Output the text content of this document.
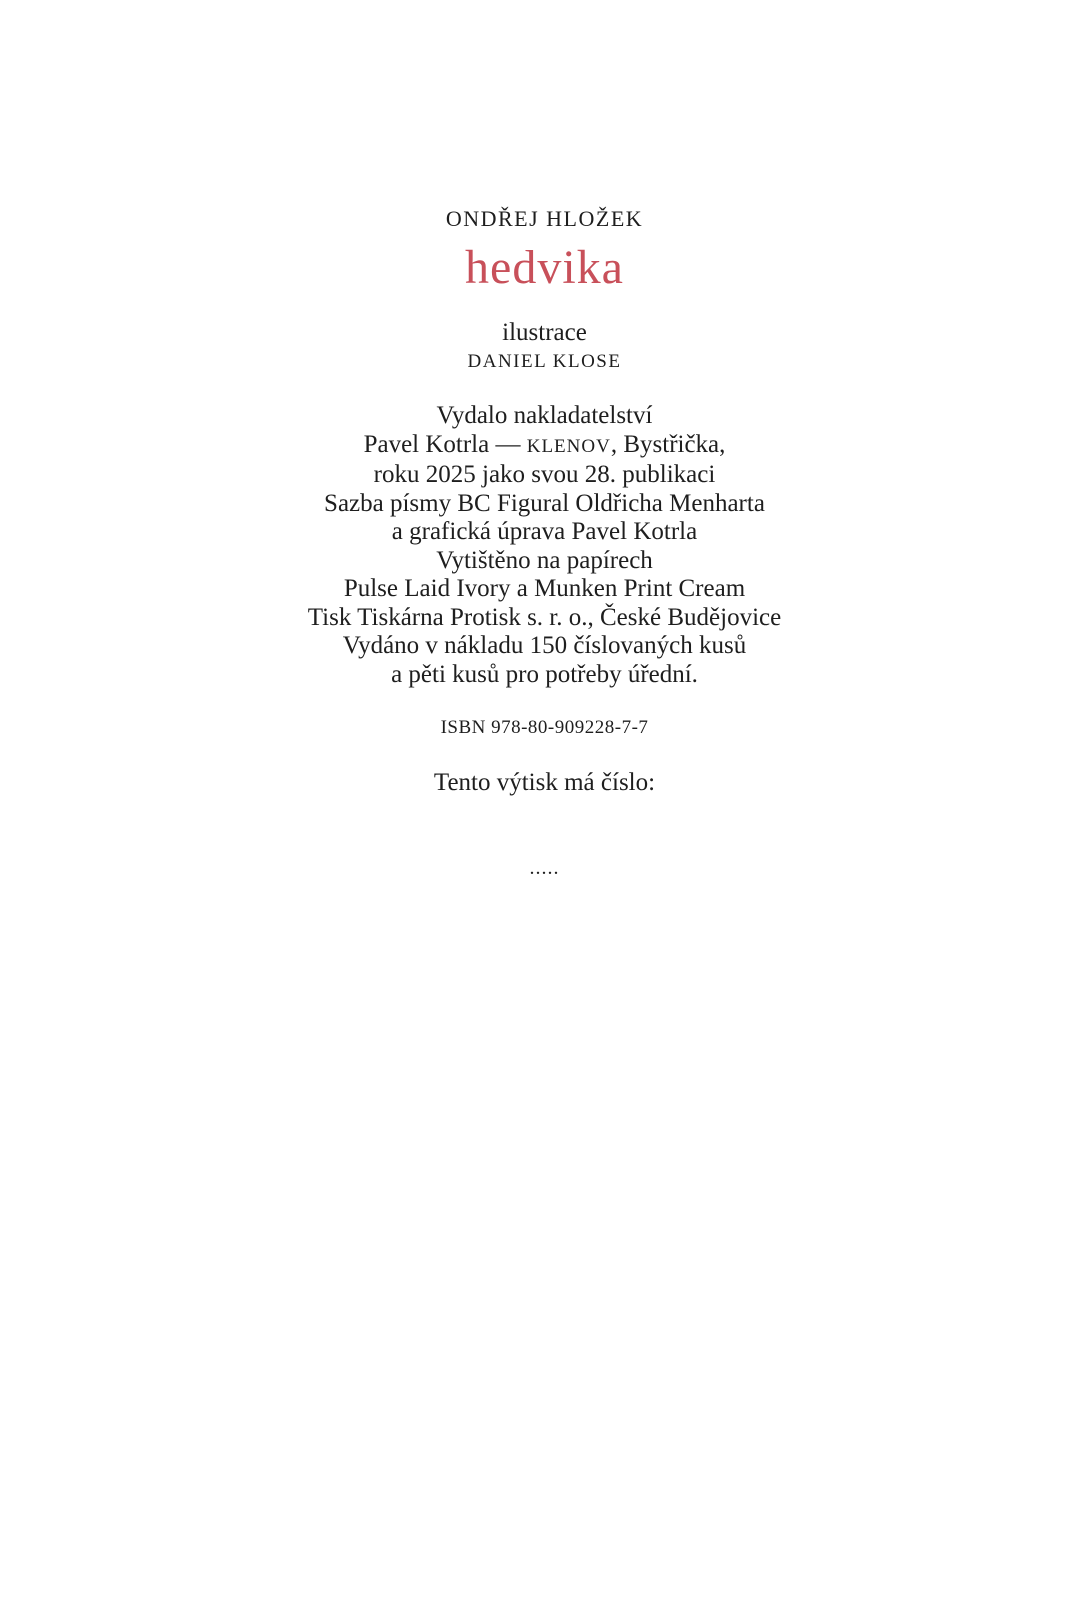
ONDŘEJ HLOŽEK
hedvika
ilustrace
DANIEL KLOSE
Vydalo nakladatelství
Pavel Kotrla — KLENOV, Bystřička,
roku 2025 jako svou 28. publikaci
Sazba písmy BC Figural Oldřicha Menharta
a grafická úprava Pavel Kotrla
Vytištěno na papírech
Pulse Laid Ivory a Munken Print Cream
Tisk Tiskárna Protisk s. r. o., České Budějovice
Vydáno v nákladu 150 číslovaných kusů
a pěti kusů pro potřeby úřední.
ISBN 978-80-909228-7-7
Tento výtisk má číslo:
.....
